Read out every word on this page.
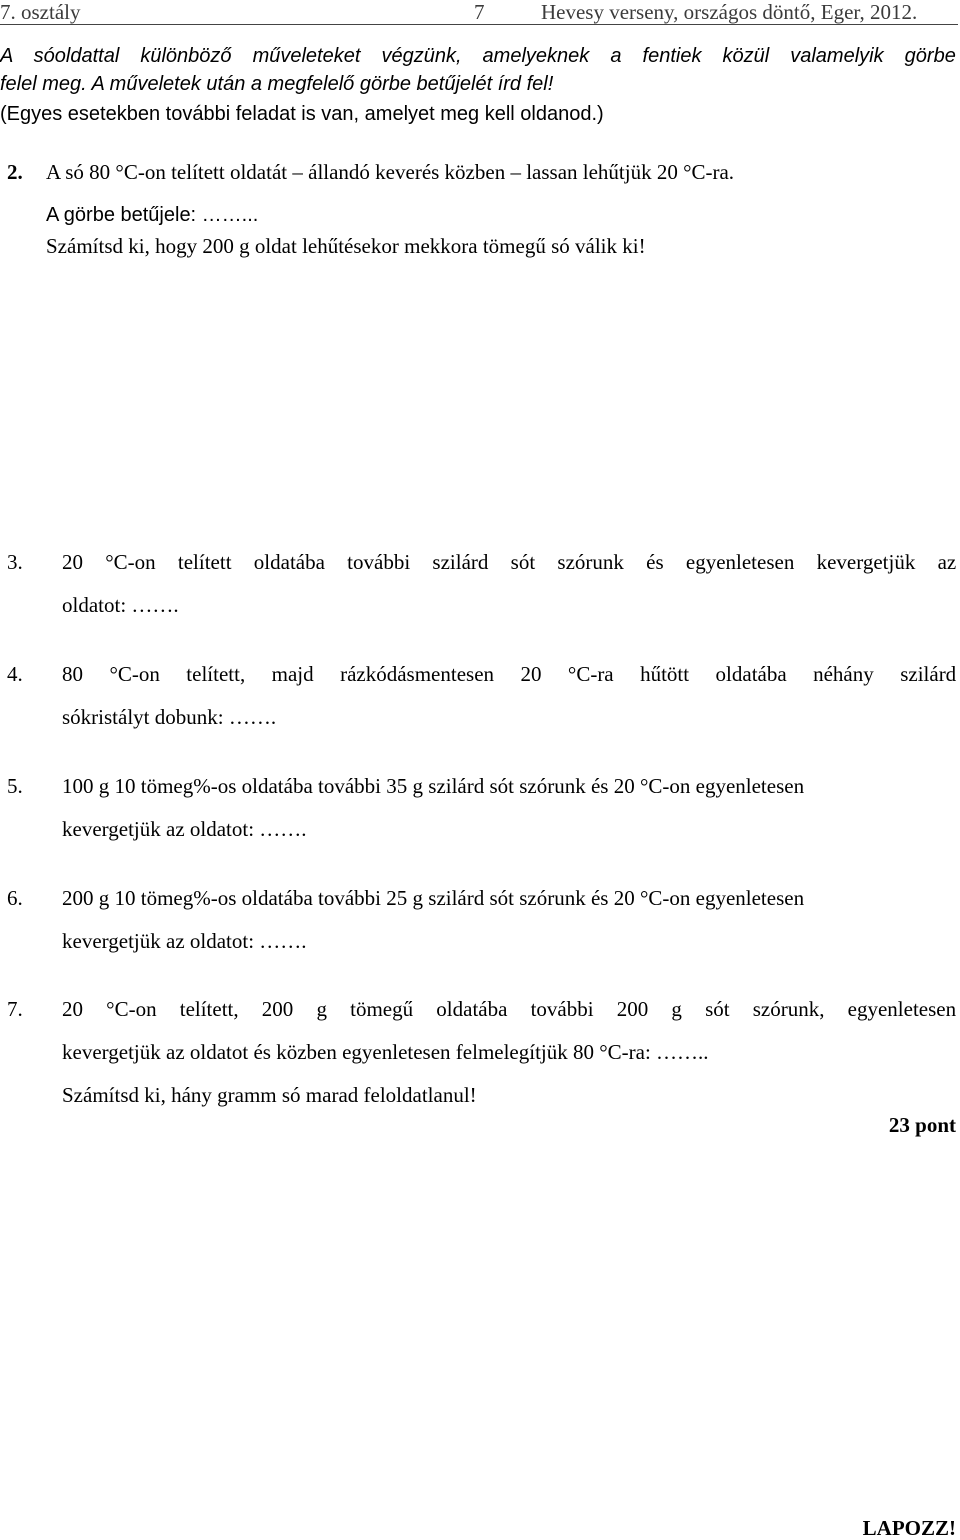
7. osztály	7	Hevesy verseny, országos döntő, Eger, 2012.
A sóoldattal különböző műveleteket végzünk, amelyeknek a fentiek közül valamelyik görbe
felel meg. A műveletek után a megfelelő görbe betűjelét írd fel!
(Egyes esetekben további feladat is van, amelyet meg kell oldanod.)
2. A só 80 °C-on telített oldatát – állandó keverés közben – lassan lehűtjük 20 °C-ra.
A görbe betűjele: ……...
Számítsd ki, hogy 200 g oldat lehűtésekor mekkora tömegű só válik ki!
3. 20 °C-on telített oldatába további szilárd sót szórunk és egyenletesen kevergetjük az
oldatot: …….
4. 80 °C-on telített, majd rázkódásmentesen 20 °C-ra hűtött oldatába néhány szilárd
sókristályt dobunk: …….
5. 100 g 10 tömeg%-os oldatába további 35 g szilárd sót szórunk és 20 °C-on egyenletesen
kevergetjük az oldatot: …….
6. 200 g 10 tömeg%-os oldatába további 25 g szilárd sót szórunk és 20 °C-on egyenletesen
kevergetjük az oldatot: …….
7. 20 °C-on telített, 200 g tömegű oldatába további 200 g sót szórunk, egyenletesen
kevergetjük az oldatot és közben egyenletesen felmelegítjük 80 °C-ra: ……..
Számítsd ki, hány gramm só marad feloldatlanul!
23 pont
LAPOZZ!
